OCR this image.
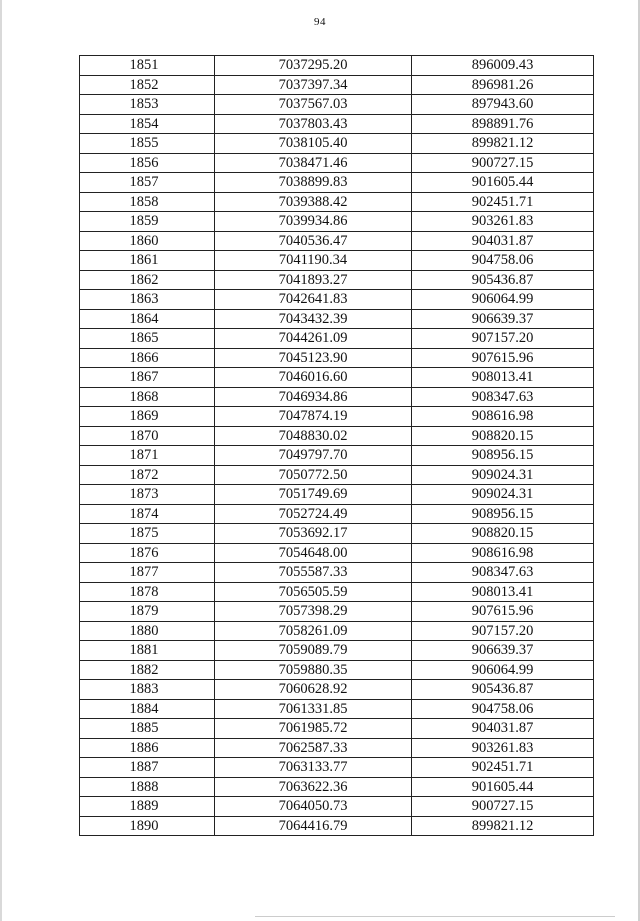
94
1851	7037295.20	896009.43
1852	7037397.34	896981.26
1853	7037567.03	897943.60
1854	7037803.43	898891.76
1855	7038105.40	899821.12
1856	7038471.46	900727.15
1857	7038899.83	901605.44
1858	7039388.42	902451.71
1859	7039934.86	903261.83
1860	7040536.47	904031.87
1861	7041190.34	904758.06
1862	7041893.27	905436.87
1863	7042641.83	906064.99
1864	7043432.39	906639.37
1865	7044261.09	907157.20
1866	7045123.90	907615.96
1867	7046016.60	908013.41
1868	7046934.86	908347.63
1869	7047874.19	908616.98
1870	7048830.02	908820.15
1871	7049797.70	908956.15
1872	7050772.50	909024.31
1873	7051749.69	909024.31
1874	7052724.49	908956.15
1875	7053692.17	908820.15
1876	7054648.00	908616.98
1877	7055587.33	908347.63
1878	7056505.59	908013.41
1879	7057398.29	907615.96
1880	7058261.09	907157.20
1881	7059089.79	906639.37
1882	7059880.35	906064.99
1883	7060628.92	905436.87
1884	7061331.85	904758.06
1885	7061985.72	904031.87
1886	7062587.33	903261.83
1887	7063133.77	902451.71
1888	7063622.36	901605.44
1889	7064050.73	900727.15
1890	7064416.79	899821.12
